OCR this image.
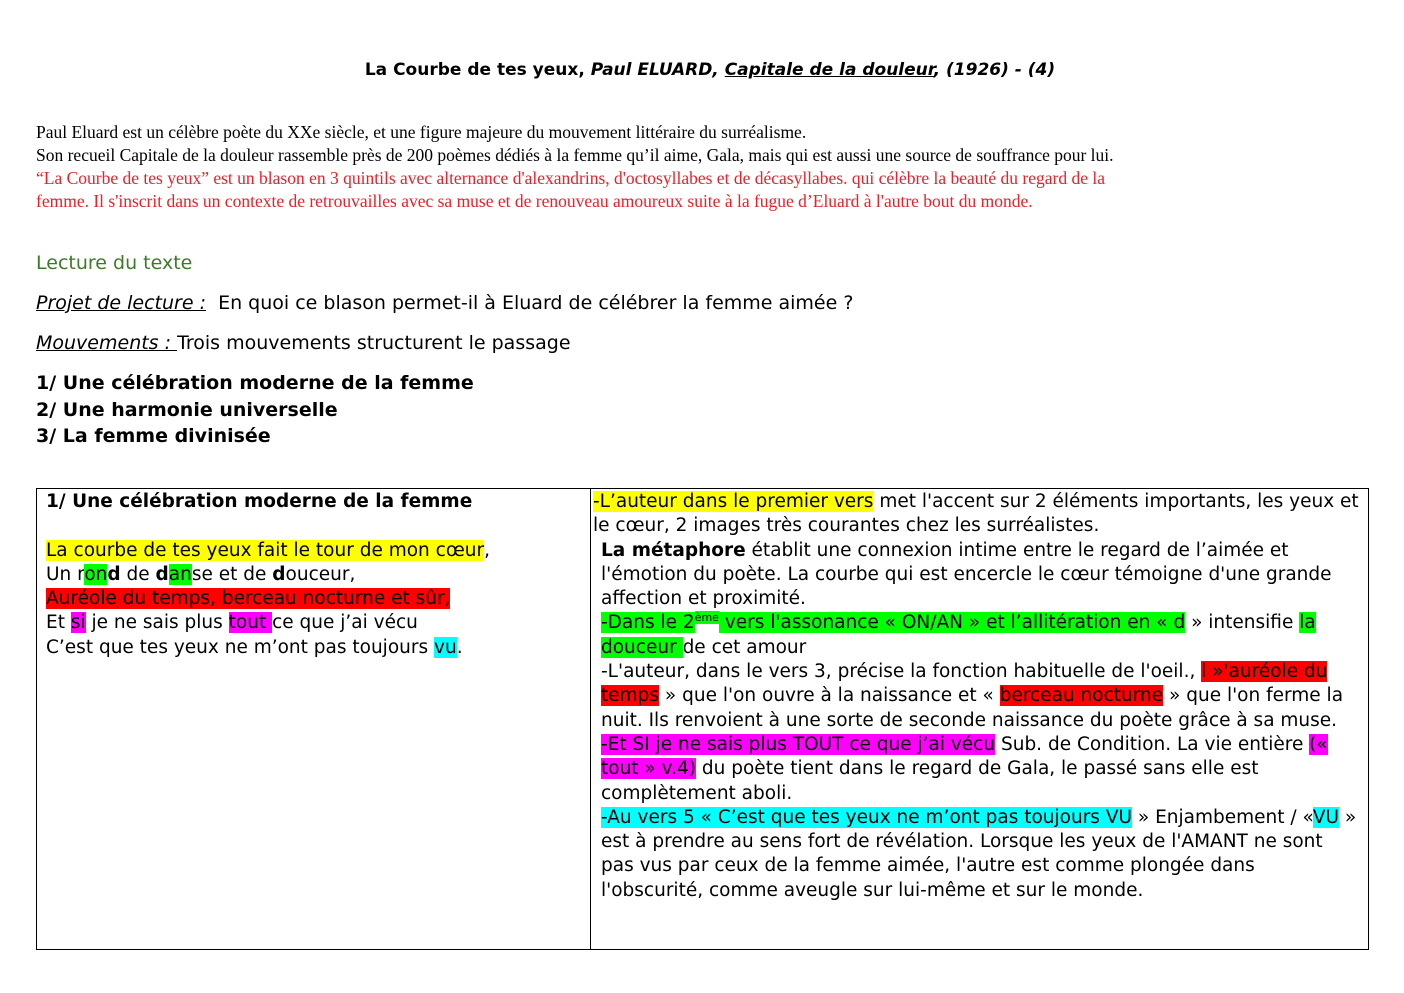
La Courbe de tes yeux, Paul ELUARD, Capitale de la douleur, (1926) - (4)
Paul Eluard est un célèbre poète du XXe siècle, et une figure majeure du mouvement littéraire du surréalisme.
Son recueil Capitale de la douleur rassemble près de 200 poèmes dédiés à la femme qu’il aime, Gala, mais qui est aussi une source de souffrance pour lui.
“La Courbe de tes yeux” est un blason en 3 quintils avec alternance d'alexandrins, d'octosyllabes et de décasyllabes. qui célèbre la beauté du regard de la
femme. Il s'inscrit dans un contexte de retrouvailles avec sa muse et de renouveau amoureux suite à la fugue d’Eluard à l'autre bout du monde.
Lecture du texte
Projet de lecture :  En quoi ce blason permet-il à Eluard de célébrer la femme aimée ?
Mouvements : Trois mouvements structurent le passage
1/ Une célébration moderne de la femme
2/ Une harmonie universelle
3/ La femme divinisée
1/ Une célébration moderne de la femme
La courbe de tes yeux fait le tour de mon cœur,
Un rond de danse et de douceur,
Auréole du temps, berceau nocturne et sûr,
Et si je ne sais plus tout ce que j’ai vécu
C’est que tes yeux ne m’ont pas toujours vu.
-L’auteur dans le premier vers met l'accent sur 2 éléments importants, les yeux et le cœur, 2 images très courantes chez les surréalistes.
La métaphore établit une connexion intime entre le regard de l’aimée et l'émotion du poète. La courbe qui est encercle le cœur témoigne d'une grande affection et proximité.
-Dans le 2ème vers l'assonance « ON/AN » et l’allitération en « d » intensifie la douceur de cet amour
-L'auteur, dans le vers 3, précise la fonction habituelle de l'oeil., l »'auréole du temps » que l'on ouvre à la naissance et « berceau nocturne » que l'on ferme la nuit. Ils renvoient à une sorte de seconde naissance du poète grâce à sa muse.
-Et SI je ne sais plus TOUT ce que j’ai vécu Sub. de Condition. La vie entière (« tout » v.4) du poète tient dans le regard de Gala, le passé sans elle est complètement aboli.
-Au vers 5 « C’est que tes yeux ne m’ont pas toujours VU » Enjambement / «VU » est à prendre au sens fort de révélation. Lorsque les yeux de l'AMANT ne sont pas vus par ceux de la femme aimée, l'autre est comme plongée dans l'obscurité, comme aveugle sur lui-même et sur le monde.
